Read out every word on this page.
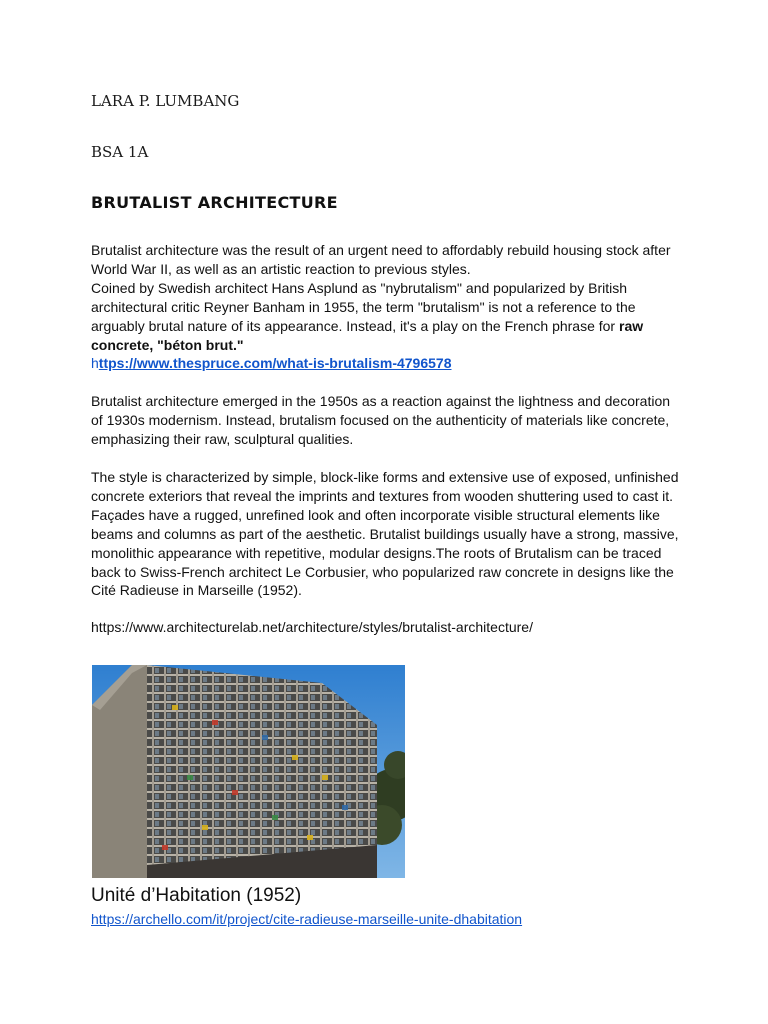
LARA P. LUMBANG
BSA 1A
BRUTALIST ARCHITECTURE

Brutalist architecture was the result of an urgent need to affordably rebuild housing stock after World War II, as well as an artistic reaction to previous styles.
Coined by Swedish architect Hans Asplund as "nybrutalism" and popularized by British architectural critic Reyner Banham in 1955, the term "brutalism" is not a reference to the arguably brutal nature of its appearance. Instead, it's a play on the French phrase for raw concrete, "béton brut."
https://www.thespruce.com/what-is-brutalism-4796578

Brutalist architecture emerged in the 1950s as a reaction against the lightness and decoration of 1930s modernism. Instead, brutalism focused on the authenticity of materials like concrete, emphasizing their raw, sculptural qualities.

The style is characterized by simple, block-like forms and extensive use of exposed, unfinished concrete exteriors that reveal the imprints and textures from wooden shuttering used to cast it. Façades have a rugged, unrefined look and often incorporate visible structural elements like beams and columns as part of the aesthetic. Brutalist buildings usually have a strong, massive, monolithic appearance with repetitive, modular designs.The roots of Brutalism can be traced back to Swiss-French architect Le Corbusier, who popularized raw concrete in designs like the Cité Radieuse in Marseille (1952).

https://www.architecturelab.net/architecture/styles/brutalist-architecture/

Unité d’Habitation (1952)

https://archello.com/it/project/cite-radieuse-marseille-unite-dhabitation
